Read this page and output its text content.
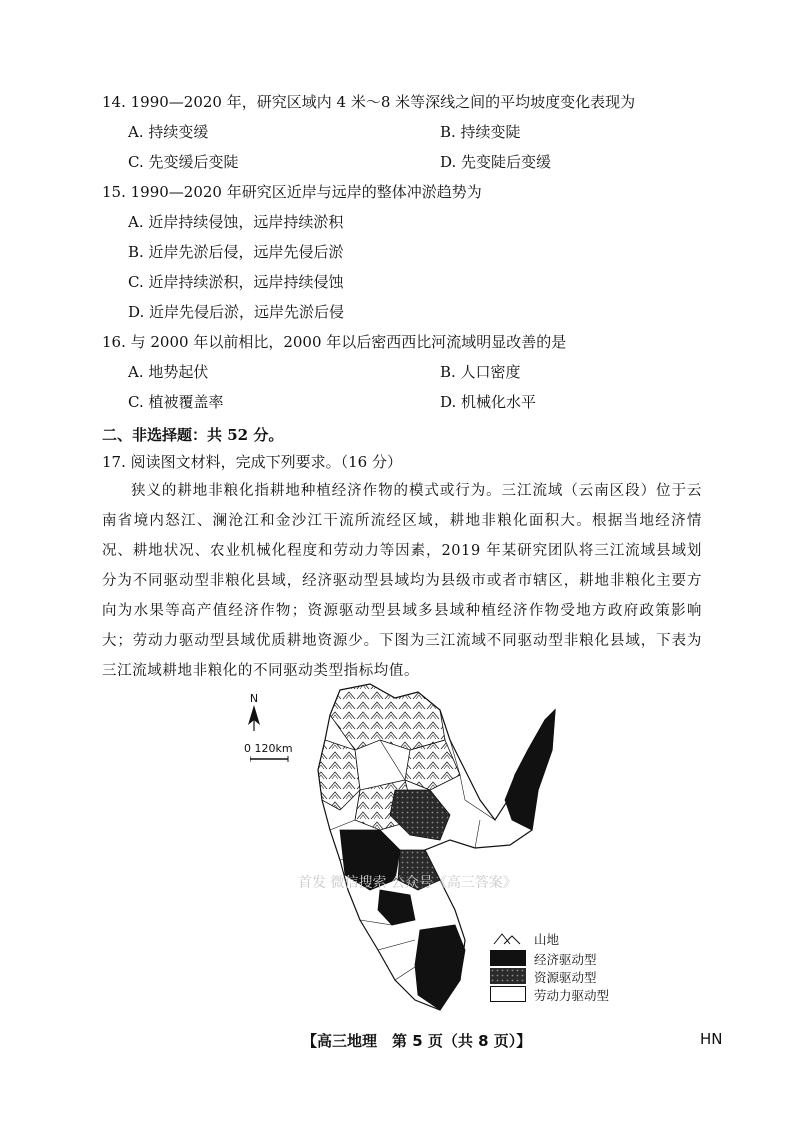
14. 1990—2020 年，研究区域内 4 米～8 米等深线之间的平均坡度变化表现为
A. 持续变缓	B. 持续变陡
C. 先变缓后变陡	D. 先变陡后变缓
15. 1990—2020 年研究区近岸与远岸的整体冲淤趋势为
A. 近岸持续侵蚀，远岸持续淤积
B. 近岸先淤后侵，远岸先侵后淤
C. 近岸持续淤积，远岸持续侵蚀
D. 近岸先侵后淤，远岸先淤后侵
16. 与 2000 年以前相比，2000 年以后密西西比河流域明显改善的是
A. 地势起伏	B. 人口密度
C. 植被覆盖率	D. 机械化水平
二、非选择题：共 52 分。
17. 阅读图文材料，完成下列要求。（16 分）
狭义的耕地非粮化指耕地种植经济作物的模式或行为。三江流域（云南区段）位于云南省境内怒江、澜沧江和金沙江干流所流经区域，耕地非粮化面积大。根据当地经济情况、耕地状况、农业机械化程度和劳动力等因素，2019 年某研究团队将三江流域县域划分为不同驱动型非粮化县域，经济驱动型县域均为县级市或者市辖区，耕地非粮化主要方向为水果等高产值经济作物；资源驱动型县域多县域种植经济作物受地方政府政策影响大；劳动力驱动型县域优质耕地资源少。下图为三江流域不同驱动型非粮化县域，下表为三江流域耕地非粮化的不同驱动类型指标均值。
N
0 120km
首发 微信搜索 公众号《高三答案》
山地
经济驱动型
资源驱动型
劳动力驱动型
【高三地理　第 5 页（共 8 页）】	HN
